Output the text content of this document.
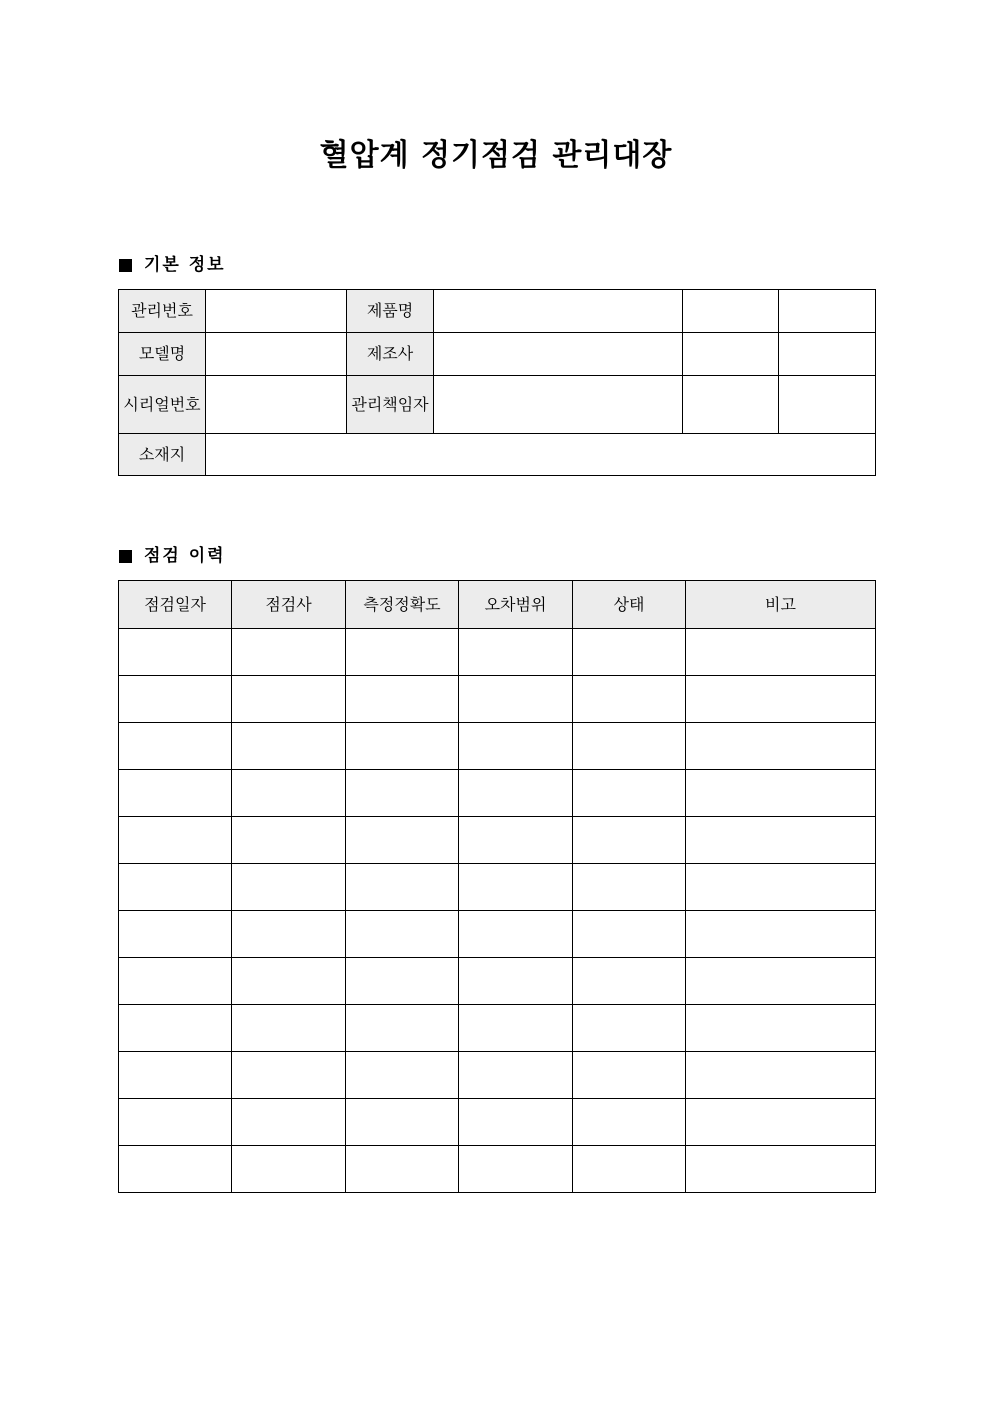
혈압계 정기점검 관리대장
기본 정보
관리번호		제품명			
모델명		제조사			
시리얼번호		관리책임자			
소재지					
점검 이력
점검일자	점검사	측정정확도	오차범위	상태	비고
